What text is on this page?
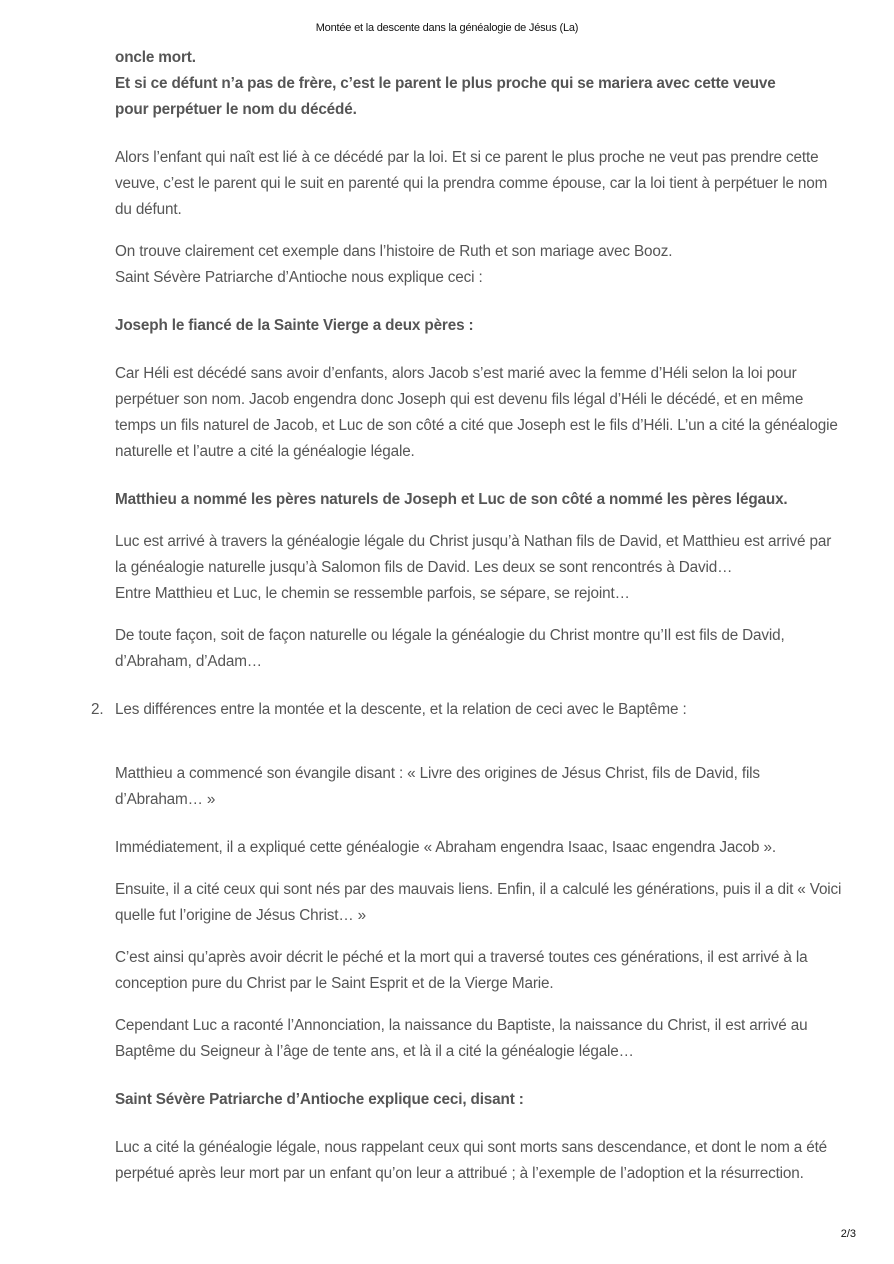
Montée et la descente dans la généalogie de Jésus (La)

oncle mort.

Et si ce défunt n’a pas de frère, c’est le parent le plus proche qui se mariera avec cette veuve

pour perpétuer le nom du décédé.

Alors l’enfant qui naît est lié à ce décédé par la loi. Et si ce parent le plus proche ne veut pas prendre cette veuve, c’est le parent qui le suit en parenté qui la prendra comme épouse, car la loi tient à perpétuer le nom du défunt.

On trouve clairement cet exemple dans l’histoire de Ruth et son mariage avec Booz.

Saint Sévère Patriarche d’Antioche nous explique ceci :

Joseph le fiancé de la Sainte Vierge a deux pères :

Car Héli est décédé sans avoir d’enfants, alors Jacob s’est marié avec la femme d’Héli selon la loi pour perpétuer son nom. Jacob engendra donc Joseph qui est devenu fils légal d’Héli le décédé, et en même temps un fils naturel de Jacob, et Luc de son côté a cité que Joseph est le fils d’Héli. L’un a cité la généalogie naturelle et l’autre a cité la généalogie légale.

Matthieu a nommé les pères naturels de Joseph et Luc de son côté a nommé les pères légaux.

Luc est arrivé à travers la généalogie légale du Christ jusqu’à Nathan fils de David, et Matthieu est arrivé par la généalogie naturelle jusqu’à Salomon fils de David. Les deux se sont rencontrés à David…

Entre Matthieu et Luc, le chemin se ressemble parfois, se sépare, se rejoint…

De toute façon, soit de façon naturelle ou légale la généalogie du Christ montre qu’Il est fils de David, d’Abraham, d’Adam…

2. Les différences entre la montée et la descente, et la relation de ceci avec le Baptême :

Matthieu a commencé son évangile disant : « Livre des origines de Jésus Christ, fils de David, fils d’Abraham… »

Immédiatement, il a expliqué cette généalogie « Abraham engendra Isaac, Isaac engendra Jacob ».

Ensuite, il a cité ceux qui sont nés par des mauvais liens. Enfin, il a calculé les générations, puis il a dit « Voici quelle fut l’origine de Jésus Christ… »

C’est ainsi qu’après avoir décrit le péché et la mort qui a traversé toutes ces générations, il est arrivé à la conception pure du Christ par le Saint Esprit et de la Vierge Marie.

Cependant Luc a raconté l’Annonciation, la naissance du Baptiste, la naissance du Christ, il est arrivé au Baptême du Seigneur à l’âge de tente ans, et là il a cité la généalogie légale…

Saint Sévère Patriarche d’Antioche explique ceci, disant :

Luc a cité la généalogie légale, nous rappelant ceux qui sont morts sans descendance, et dont le nom a été perpétué après leur mort par un enfant qu’on leur a attribué ; à l’exemple de l’adoption et la résurrection.

2/3
